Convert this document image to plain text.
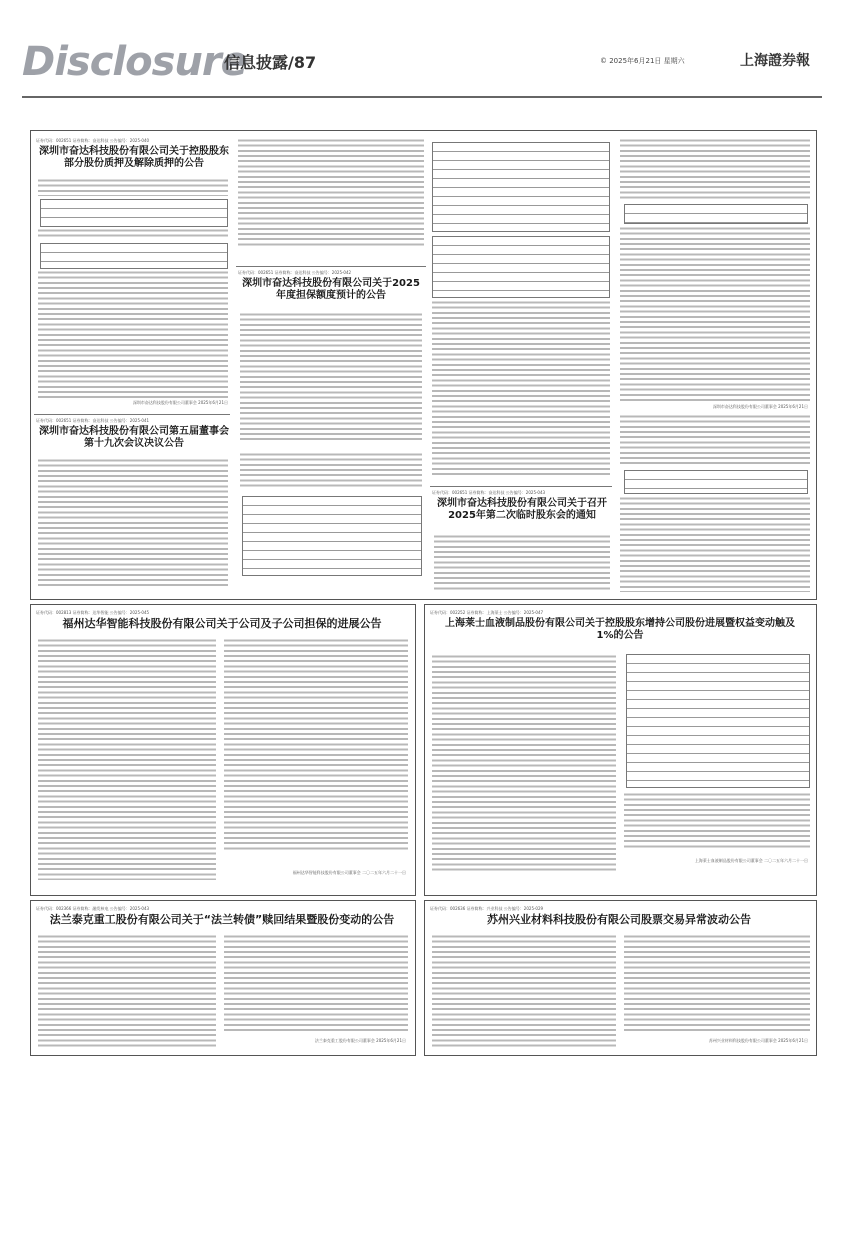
Disclosure
信息披露/87	© 2025年6月21日 星期六	上海證券報
证券代码：002651 证券简称：奋达科技 公告编号：2025-040
深圳市奋达科技股份有限公司关于控股股东部分股份质押及解除质押的公告
深圳市奋达科技股份有限公司董事会 2025年6月21日
证券代码：002651 证券简称：奋达科技 公告编号：2025-041
深圳市奋达科技股份有限公司第五届董事会第十九次会议决议公告
证券代码：002651 证券简称：奋达科技 公告编号：2025-042
深圳市奋达科技股份有限公司关于2025年度担保额度预计的公告
证券代码：002651 证券简称：奋达科技 公告编号：2025-043
深圳市奋达科技股份有限公司关于召开2025年第二次临时股东会的通知
深圳市奋达科技股份有限公司董事会 2025年6月21日
证券代码：002813 证券简称：达华智能 公告编号：2025-045
福州达华智能科技股份有限公司关于公司及子公司担保的进展公告
福州达华智能科技股份有限公司董事会 二〇二五年六月二十一日
证券代码：002252 证券简称：上海莱士 公告编号：2025-047
上海莱士血液制品股份有限公司关于控股股东增持公司股份进展暨权益变动触及1%的公告
上海莱士血液制品股份有限公司董事会 二〇二五年六月二十一日
证券代码：002366 证券简称：融发核电 公告编号：2025-043
法兰泰克重工股份有限公司关于“法兰转债”赎回结果暨股份变动的公告
法兰泰克重工股份有限公司董事会 2025年6月21日
证券代码：002636 证券简称：兴业科技 公告编号：2025-029
苏州兴业材料科技股份有限公司股票交易异常波动公告
苏州兴业材料科技股份有限公司董事会 2025年6月21日
